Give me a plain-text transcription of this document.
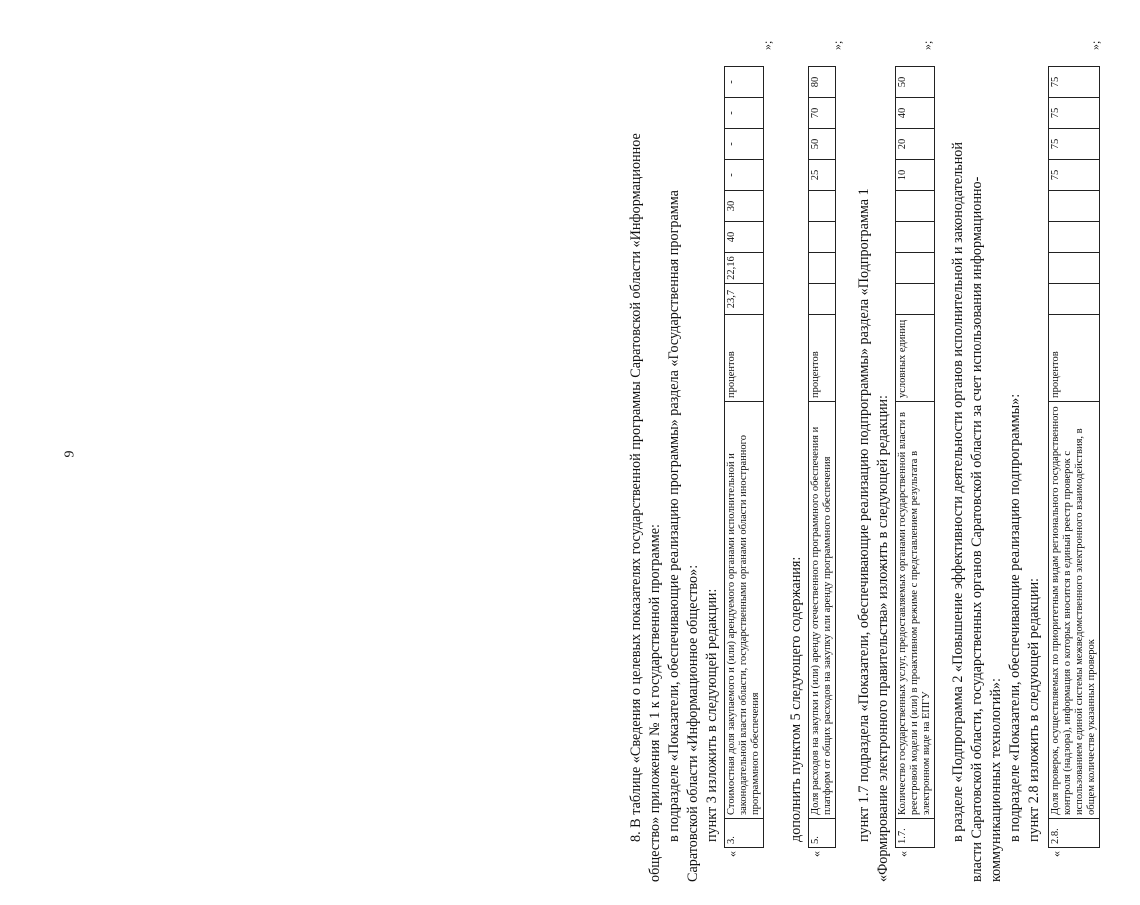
9	8. В таблице «Сведения о целевых показателях государственной программы Саратовской области «Информационное общество» приложения № 1 к государственной программе: в подразделе «Показатели, обеспечивающие реализацию программы» раздела «Государственная программа Саратовской области «Информационное общество»: пункт 3 изложить в следующей редакции:
«	3.	Стоимостная доля закупаемого и (или) арендуемого органами исполнительной и законодательной власти области, государственными органами области иностранного программного обеспечения	процентов	23,7	22,16	40	30	-	-	-	-
»;
дополнить пунктом 5 следующего содержания:
«	5.	Доля расходов на закупки и (или) аренду отечественного программного обеспечения и платформ от общих расходов на закупку или аренду программного обеспечения	процентов					25	50	70	80
»;
пункт 1.7 подраздела «Показатели, обеспечивающие реализацию подпрограммы» раздела «Подпрограмма 1 «Формирование электронного правительства» изложить в следующей редакции: «	1.7.	Количество государственных услуг, предоставляемых органами государственной власти в реестровой модели и (или) в проактивном режиме с представлением результата в электронном виде на ЕПГУ	условных единиц					10	20	40	50
»;
в разделе «Подпрограмма 2 «Повышение эффективности деятельности органов исполнительной и законодательной власти Саратовской области, государственных органов Саратовской области за счет использования информационно- коммуникационных технологий»: в подразделе «Показатели, обеспечивающие реализацию подпрограммы»: пункт 2.8 изложить в следующей редакции:
«	2.8.	Доля проверок, осуществляемых по приоритетным видам регионального государственного контроля (надзора), информация о которых вносится в единый реестр проверок с использованием единой системы межведомственного электронного взаимодействия, в общем количестве указанных проверок	процентов					75	75	75	75
»;
